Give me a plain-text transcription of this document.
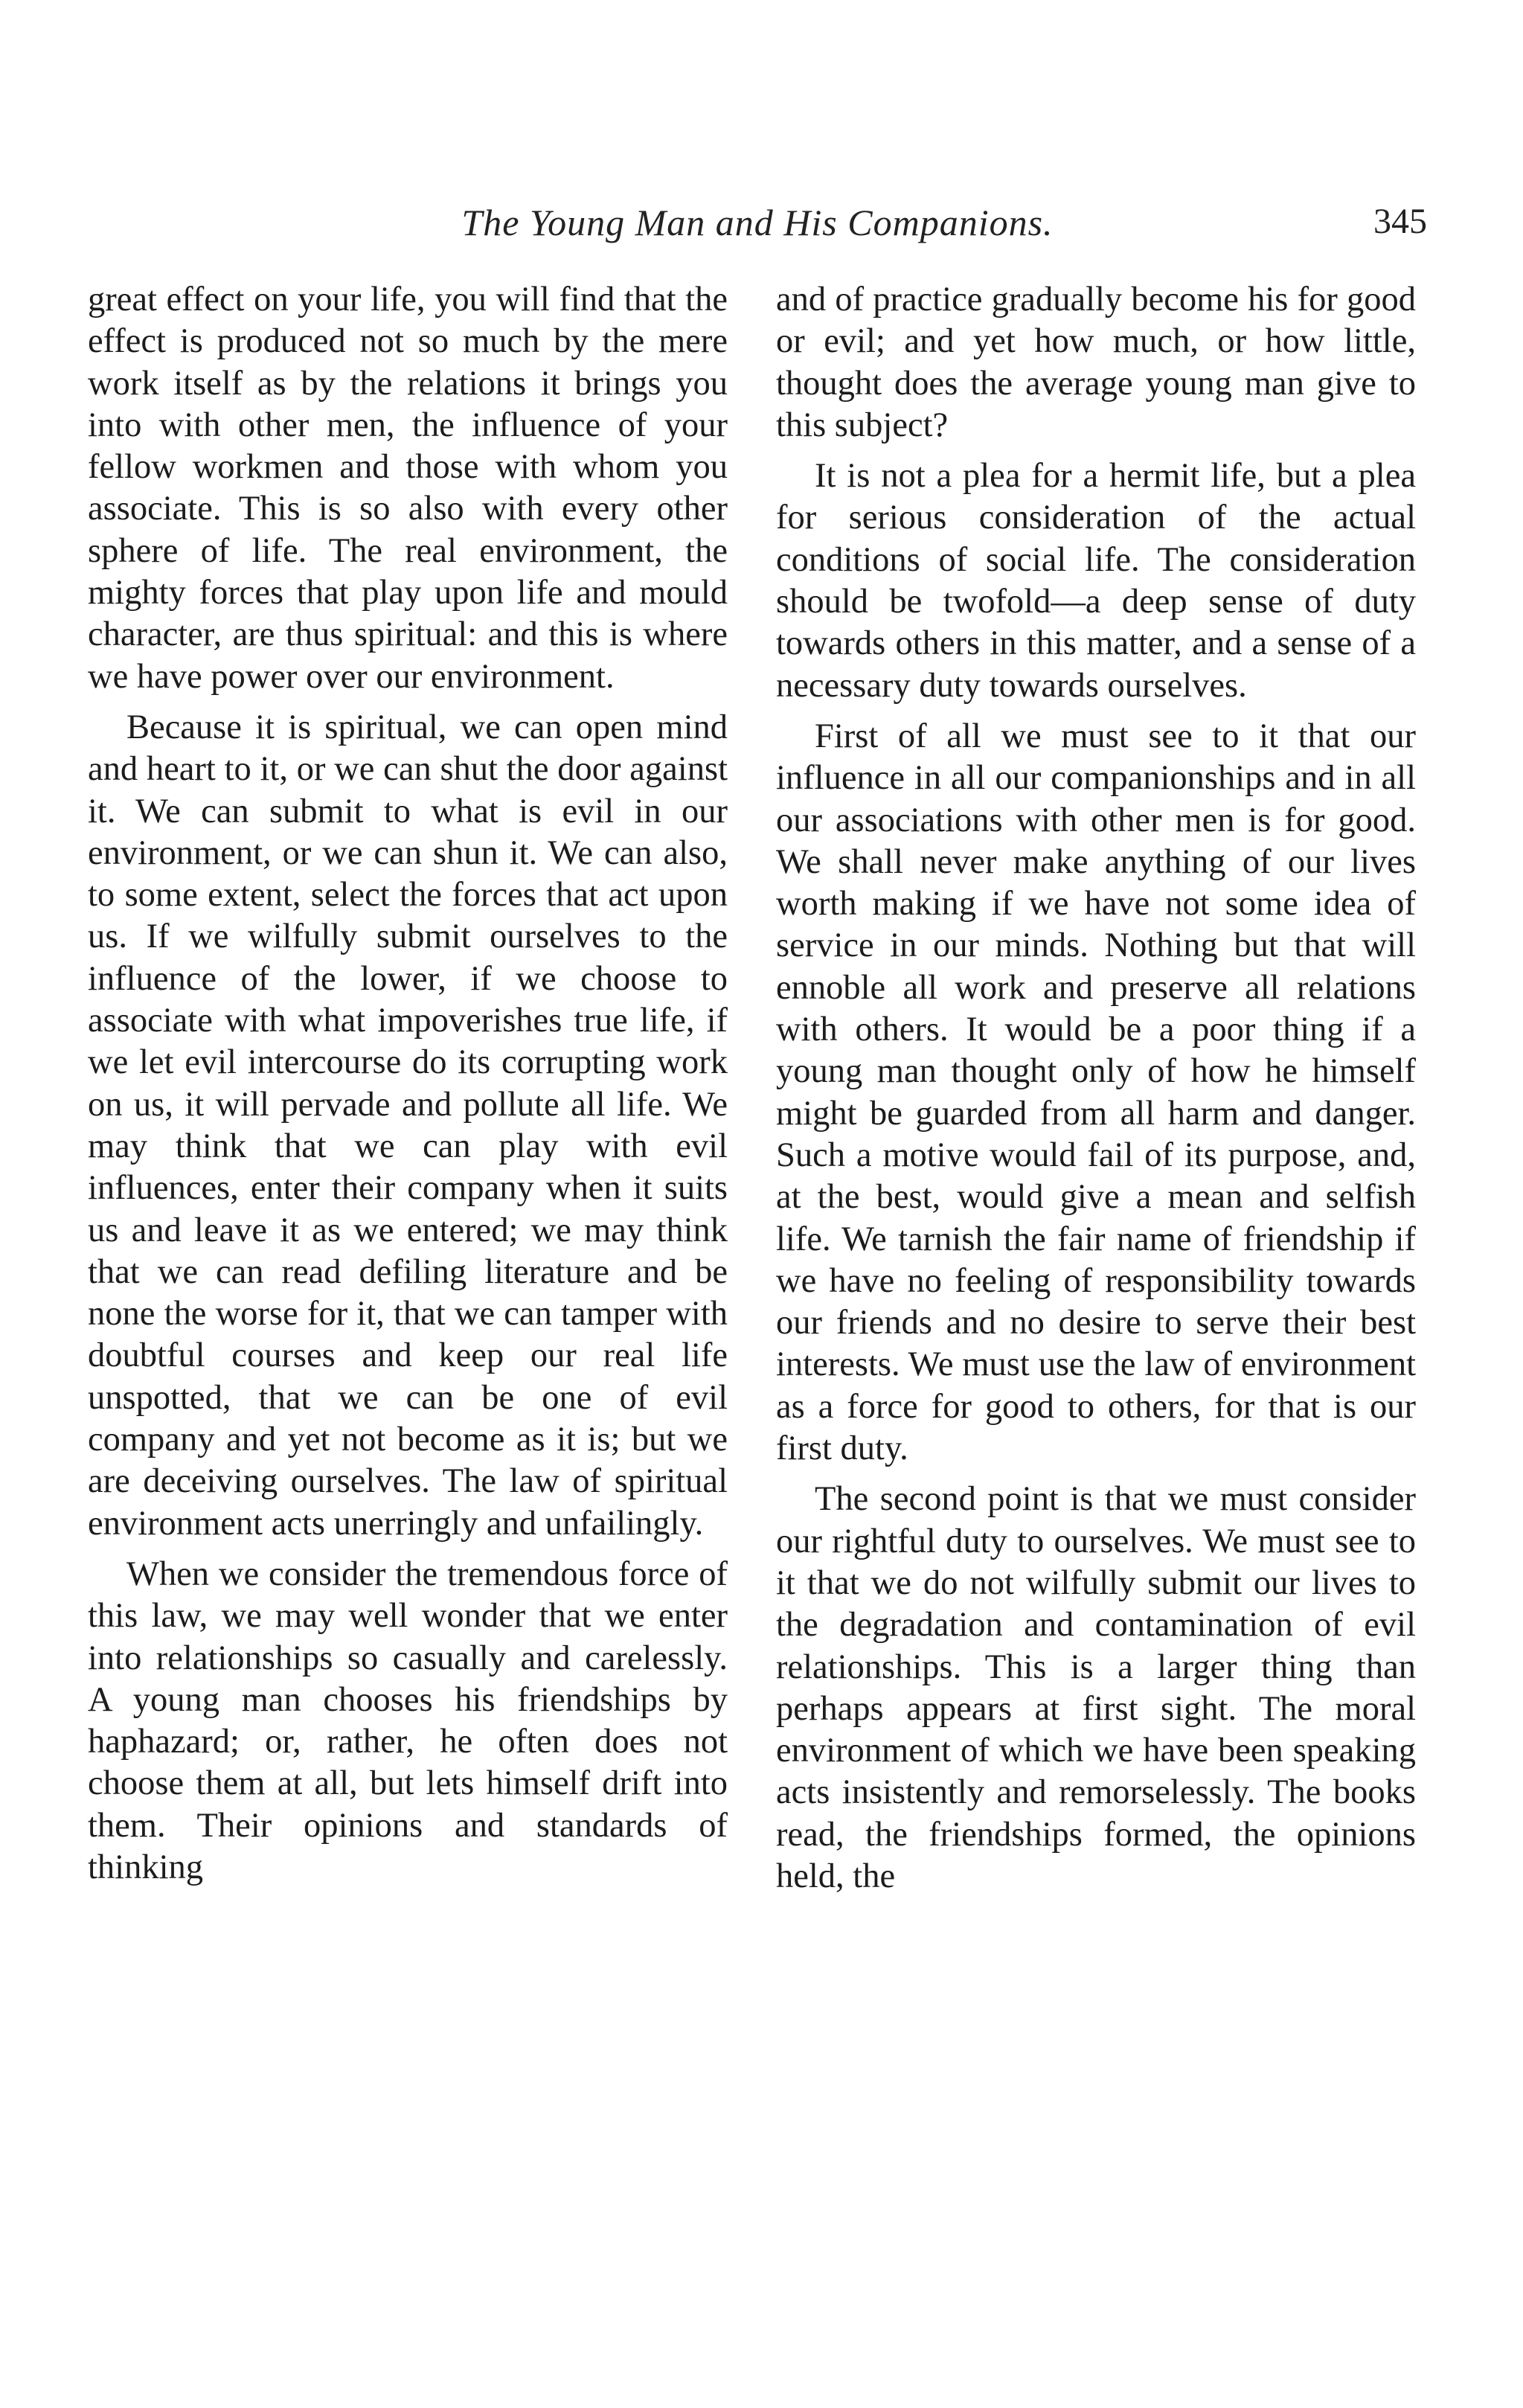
The Young Man and His Companions.	345

great effect on your life, you will find that the effect is produced not so much by the mere work itself as by the relations it brings you into with other men, the influence of your fellow workmen and those with whom you associate. This is so also with every other sphere of life. The real environment, the mighty forces that play upon life and mould character, are thus spiritual: and this is where we have power over our environment.

Because it is spiritual, we can open mind and heart to it, or we can shut the door against it. We can submit to what is evil in our environment, or we can shun it. We can also, to some extent, select the forces that act upon us. If we wilfully submit ourselves to the influence of the lower, if we choose to associate with what impoverishes true life, if we let evil intercourse do its corrupting work on us, it will pervade and pollute all life. We may think that we can play with evil influences, enter their company when it suits us and leave it as we entered; we may think that we can read defiling literature and be none the worse for it, that we can tamper with doubtful courses and keep our real life unspotted, that we can be one of evil company and yet not become as it is; but we are deceiving ourselves. The law of spiritual environment acts unerringly and unfailingly.

When we consider the tremendous force of this law, we may well wonder that we enter into relationships so casually and carelessly. A young man chooses his friendships by haphazard; or, rather, he often does not choose them at all, but lets himself drift into them. Their opinions and standards of thinking

and of practice gradually become his for good or evil; and yet how much, or how little, thought does the average young man give to this subject?

It is not a plea for a hermit life, but a plea for serious consideration of the actual conditions of social life. The consideration should be twofold—a deep sense of duty towards others in this matter, and a sense of a necessary duty towards ourselves.

First of all we must see to it that our influence in all our companionships and in all our associations with other men is for good. We shall never make anything of our lives worth making if we have not some idea of service in our minds. Nothing but that will ennoble all work and preserve all relations with others. It would be a poor thing if a young man thought only of how he himself might be guarded from all harm and danger. Such a motive would fail of its purpose, and, at the best, would give a mean and selfish life. We tarnish the fair name of friendship if we have no feeling of responsibility towards our friends and no desire to serve their best interests. We must use the law of environment as a force for good to others, for that is our first duty.

The second point is that we must consider our rightful duty to ourselves. We must see to it that we do not wilfully submit our lives to the degradation and contamination of evil relationships. This is a larger thing than perhaps appears at first sight. The moral environment of which we have been speaking acts insistently and remorselessly. The books read, the friendships formed, the opinions held, the
